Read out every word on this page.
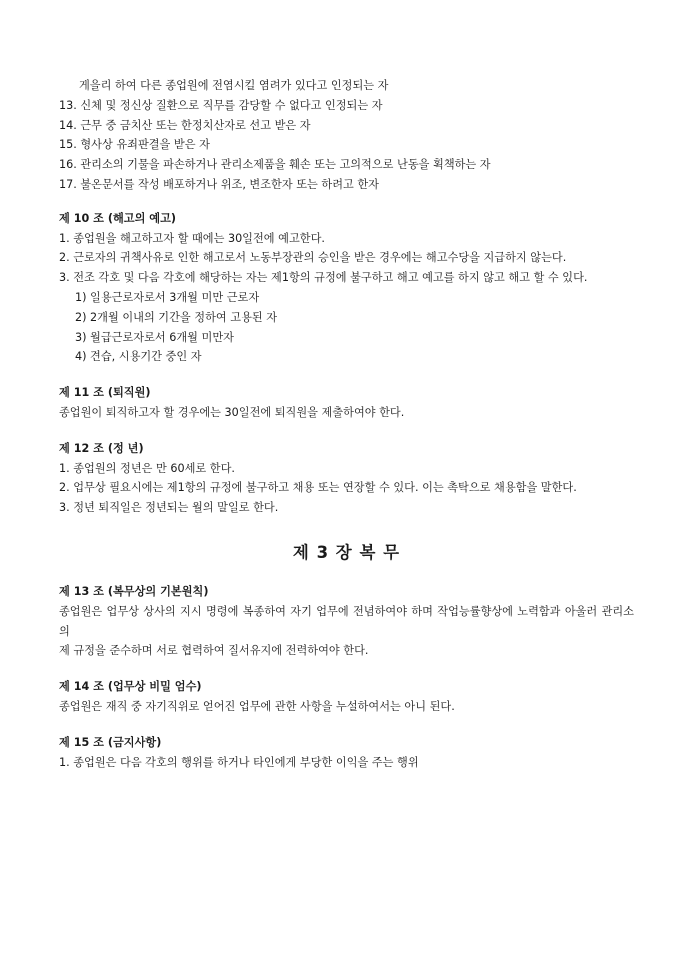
게을리 하여 다른 종업원에 전염시킬 염려가 있다고 인정되는 자
13. 신체 및 정신상 질환으로 직무를 감당할 수 없다고 인정되는 자
14. 근무 중 금치산 또는 한정치산자로 선고 받은 자
15. 형사상 유죄판결을 받은 자
16. 관리소의 기물을 파손하거나 관리소제품을 훼손 또는 고의적으로 난동을 획책하는 자
17. 불온문서를 작성 배포하거나 위조, 변조한자 또는 하려고 한자
제 10 조 (해고의 예고)
1. 종업원을 해고하고자 할 때에는 30일전에 예고한다.
2. 근로자의 귀책사유로 인한 해고로서 노동부장관의 승인을 받은 경우에는 해고수당을 지급하지 않는다.
3. 전조 각호 및 다음 각호에 해당하는 자는 제1항의 규정에 불구하고 해고 예고를 하지 않고 해고 할 수 있다.
1) 일용근로자로서 3개월 미만 근로자
2) 2개월 이내의 기간을 정하여 고용된 자
3) 월급근로자로서 6개월 미만자
4) 견습, 시용기간 중인 자
제 11 조 (퇴직원)
종업원이 퇴직하고자 할 경우에는 30일전에 퇴직원을 제출하여야 한다.
제 12 조 (정 년)
1. 종업원의 정년은 만 60세로 한다.
2. 업무상 필요시에는 제1항의 규정에 불구하고 채용 또는 연장할 수 있다. 이는 촉탁으로 채용함을 말한다.
3. 정년 퇴직일은 정년되는 월의 말일로 한다.
제 3 장 복 무
제 13 조 (복무상의 기본원칙)
종업원은 업무상 상사의 지시 명령에 복종하여 자기 업무에 전념하여야 하며 작업능률향상에 노력함과 아울러 관리소의
제 규정을 준수하며 서로 협력하여 질서유지에 전력하여야 한다.
제 14 조 (업무상 비밀 엄수)
종업원은 재직 중 자기직위로 얻어진 업무에 관한 사항을 누설하여서는 아니 된다.
제 15 조 (금지사항)
1. 종업원은 다음 각호의 행위를 하거나 타인에게 부당한 이익을 주는 행위
